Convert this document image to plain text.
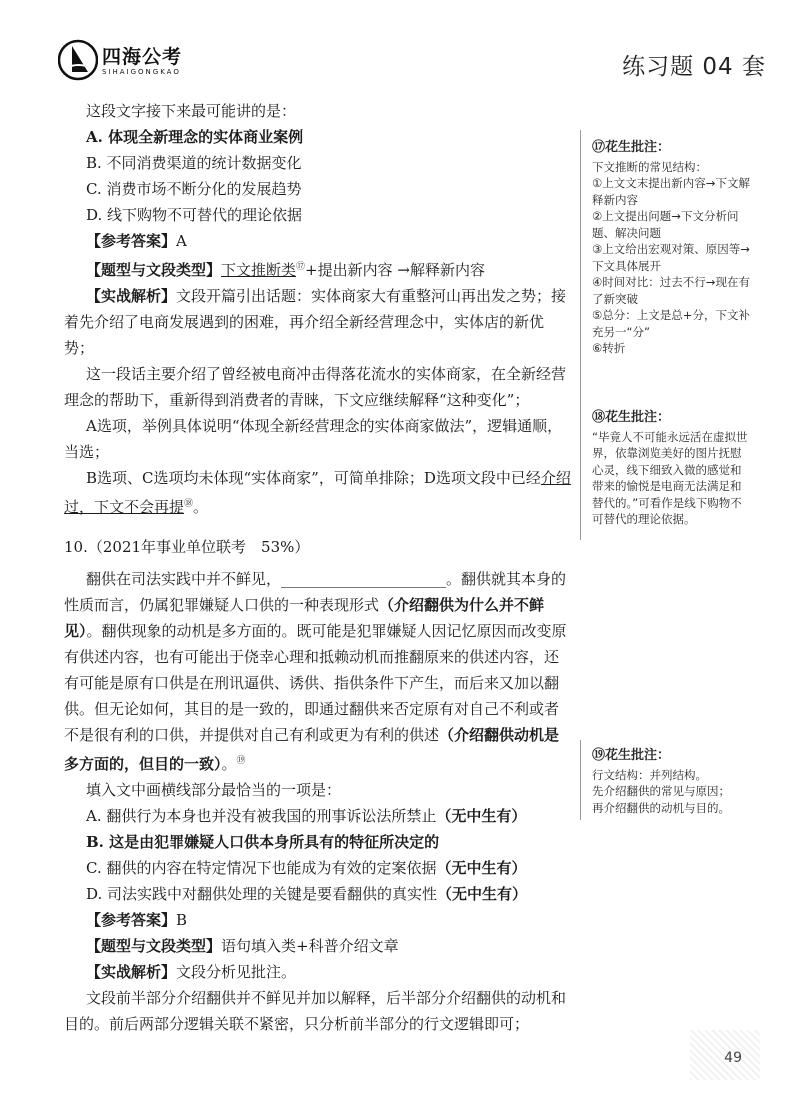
四海公考
SIHAIGONGKAO	练习题 04 套

这段文字接下来最可能讲的是：

A. 体现全新理念的实体商业案例

B. 不同消费渠道的统计数据变化

C. 消费市场不断分化的发展趋势

D. 线下购物不可替代的理论依据

【参考答案】A

【题型与文段类型】下文推断类⑰+提出新内容 →解释新内容

【实战解析】文段开篇引出话题：实体商家大有重整河山再出发之势；接着先介绍了电商发展遇到的困难，再介绍全新经营理念中，实体店的新优势；

这一段话主要介绍了曾经被电商冲击得落花流水的实体商家，在全新经营理念的帮助下，重新得到消费者的青睐，下文应继续解释“这种变化”；

A选项，举例具体说明“体现全新经营理念的实体商家做法”，逻辑通顺，当选；

B选项、C选项均未体现“实体商家”，可简单排除；D选项文段中已经介绍过，下文不会再提⑱。

10.（2021年事业单位联考　53%）

翻供在司法实践中并不鲜见，______________________。翻供就其本身的性质而言，仍属犯罪嫌疑人口供的一种表现形式（介绍翻供为什么并不鲜见）。翻供现象的动机是多方面的。既可能是犯罪嫌疑人因记忆原因而改变原有供述内容，也有可能出于侥幸心理和抵赖动机而推翻原来的供述内容，还有可能是原有口供是在刑讯逼供、诱供、指供条件下产生，而后来又加以翻供。但无论如何，其目的是一致的，即通过翻供来否定原有对自己不利或者不是很有利的口供，并提供对自己有利或更为有利的供述（介绍翻供动机是多方面的，但目的一致）。⑲

填入文中画横线部分最恰当的一项是：

A. 翻供行为本身也并没有被我国的刑事诉讼法所禁止（无中生有）

B. 这是由犯罪嫌疑人口供本身所具有的特征所决定的

C. 翻供的内容在特定情况下也能成为有效的定案依据（无中生有）

D. 司法实践中对翻供处理的关键是要看翻供的真实性（无中生有）

【参考答案】B

【题型与文段类型】语句填入类+科普介绍文章

【实战解析】文段分析见批注。

文段前半部分介绍翻供并不鲜见并加以解释，后半部分介绍翻供的动机和目的。前后两部分逻辑关联不紧密，只分析前半部分的行文逻辑即可；

⑰花生批注：
下文推断的常见结构：
①上文文末提出新内容→下文解释新内容
②上文提出问题→下文分析问题、解决问题
③上文给出宏观对策、原因等→下文具体展开
④时间对比：过去不行→现在有了新突破
⑤总分：上文是总+分，下文补充另一“分”
⑥转折
⑱花生批注：
“毕竟人不可能永远活在虚拟世界，依靠浏览美好的图片抚慰心灵，线下细致入微的感觉和带来的愉悦是电商无法满足和替代的。”可看作是线下购物不可替代的理论依据。
⑲花生批注：
行文结构：并列结构。
先介绍翻供的常见与原因；
再介绍翻供的动机与目的。
49
